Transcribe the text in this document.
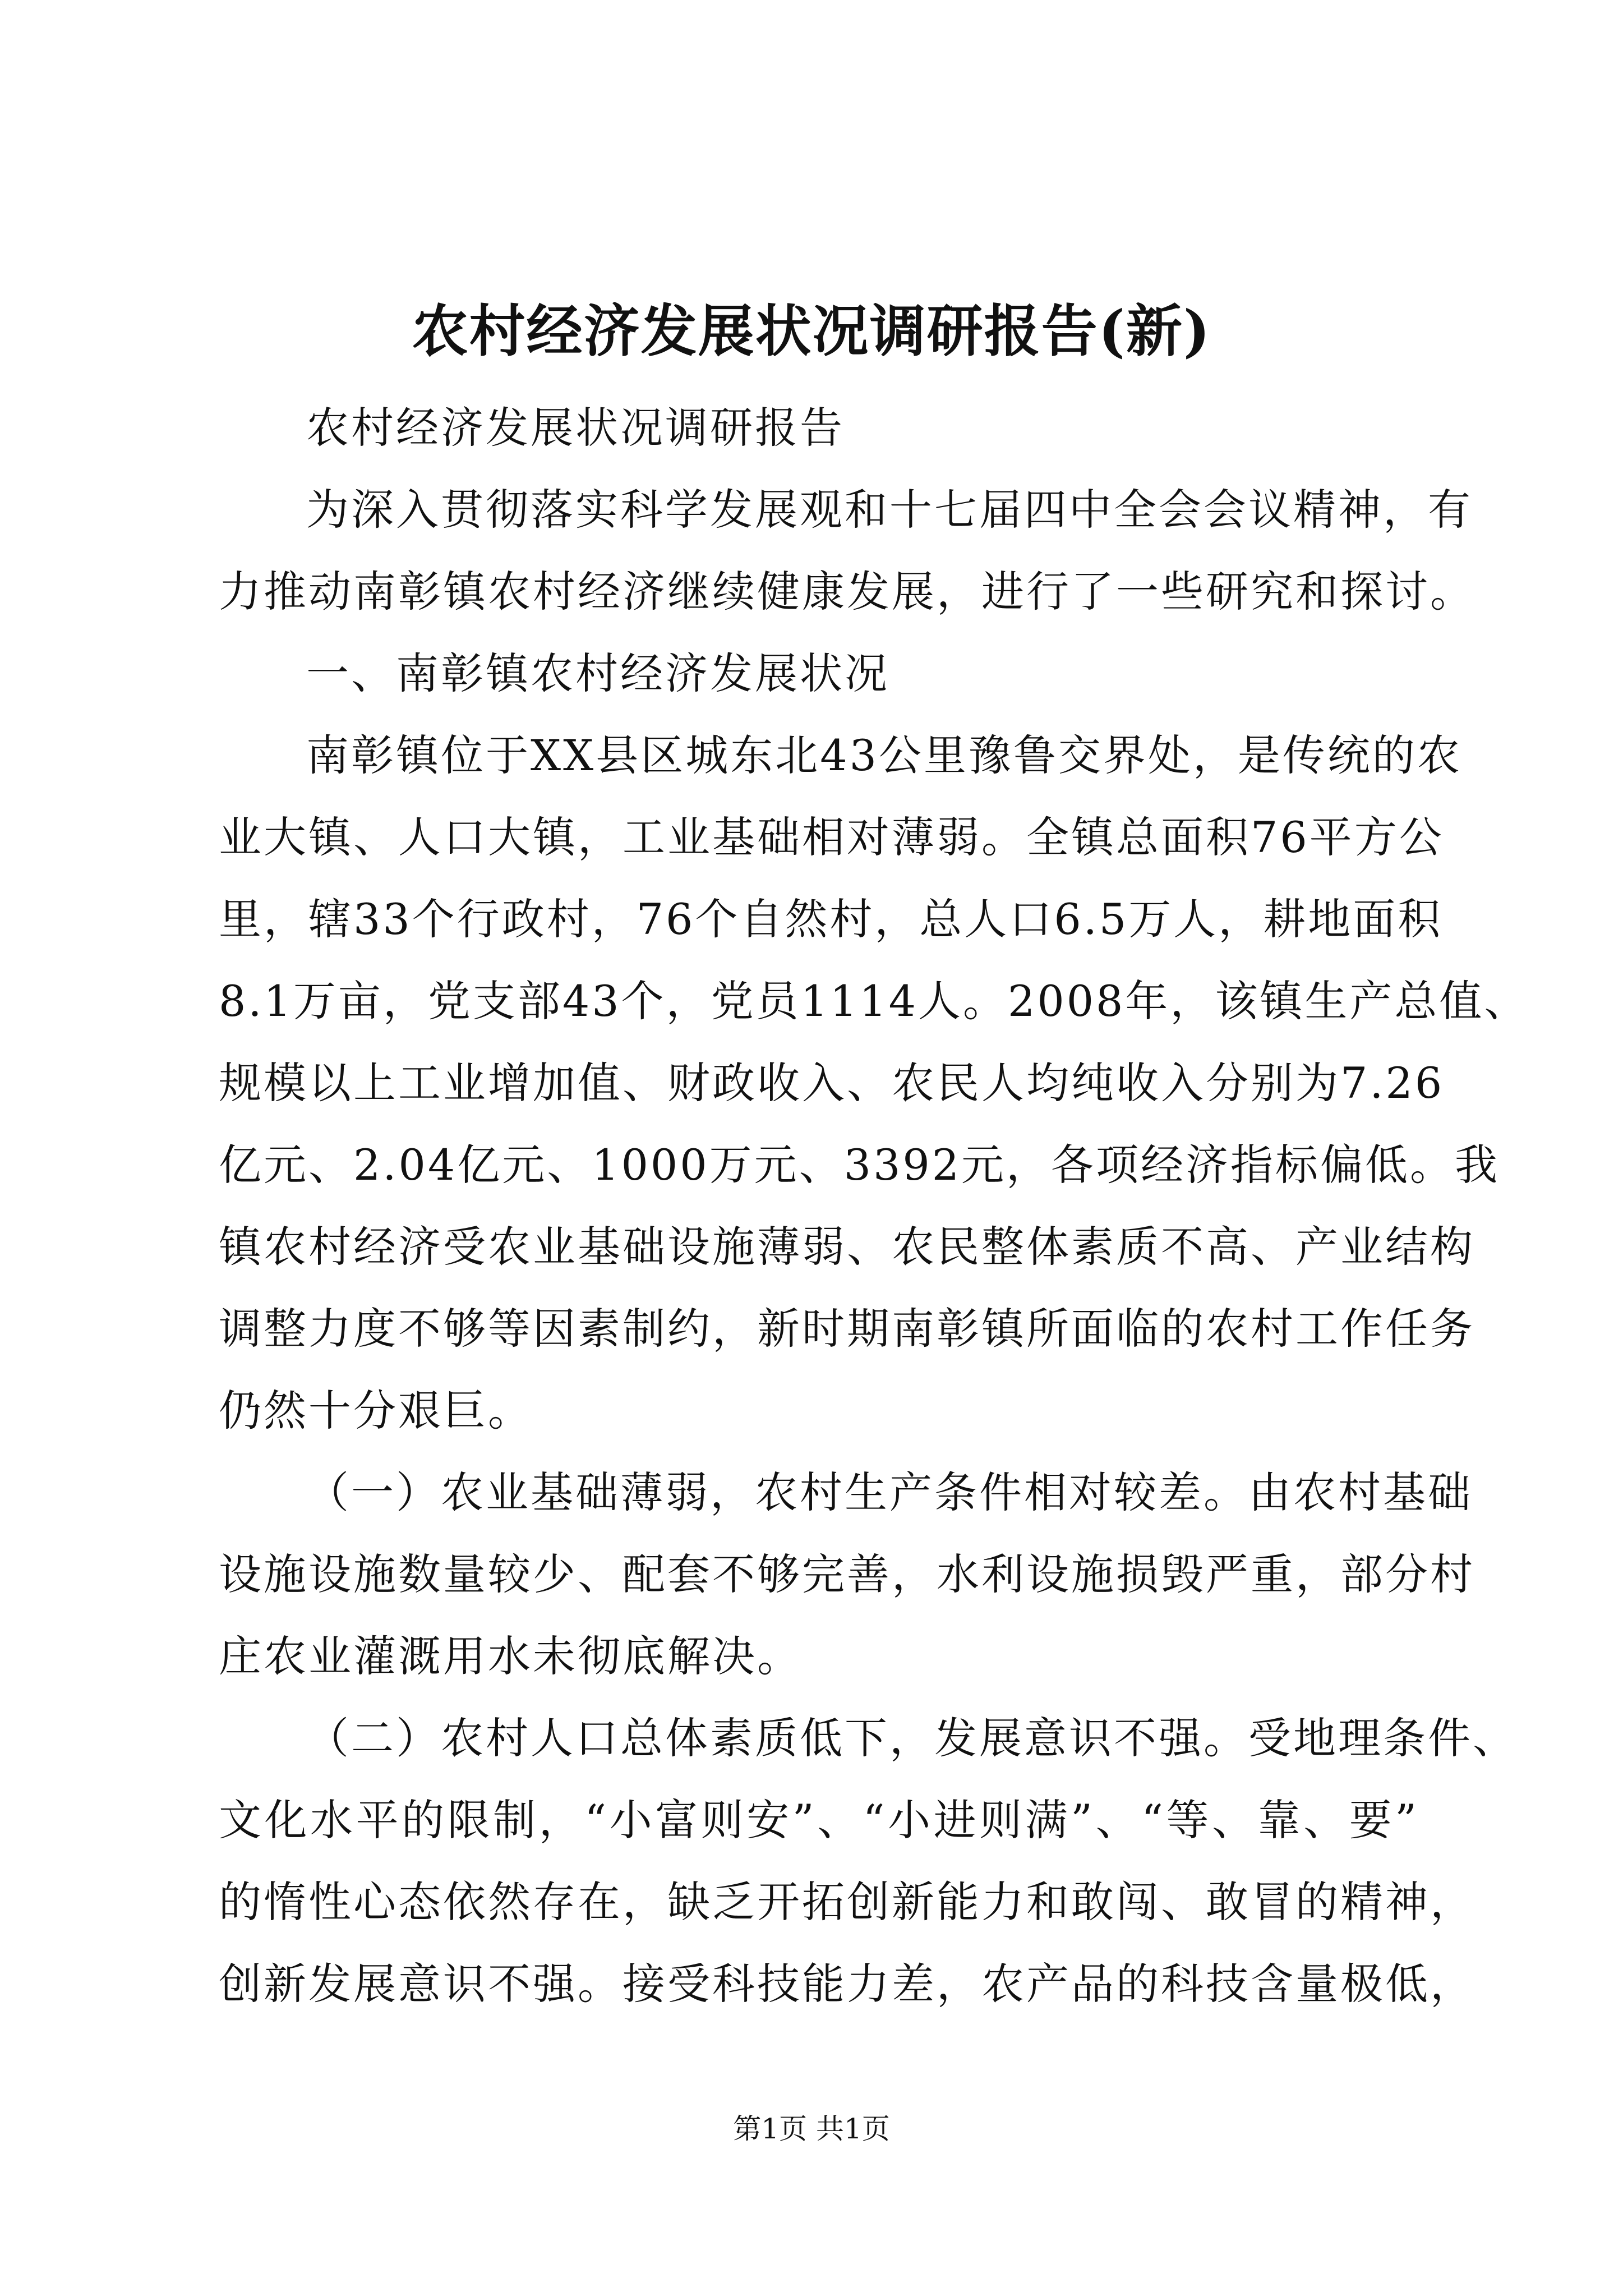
农村经济发展状况调研报告(新)
农村经济发展状况调研报告
为深入贯彻落实科学发展观和十七届四中全会会议精神，有
力推动南彰镇农村经济继续健康发展，进行了一些研究和探讨。
一、南彰镇农村经济发展状况
南彰镇位于XX县区城东北43公里豫鲁交界处，是传统的农
业大镇、人口大镇，工业基础相对薄弱。全镇总面积76平方公
里，辖33个行政村，76个自然村，总人口6.5万人，耕地面积
8.1万亩，党支部43个，党员1114人。2008年，该镇生产总值、
规模以上工业增加值、财政收入、农民人均纯收入分别为7.26
亿元、2.04亿元、1000万元、3392元，各项经济指标偏低。我
镇农村经济受农业基础设施薄弱、农民整体素质不高、产业结构
调整力度不够等因素制约，新时期南彰镇所面临的农村工作任务
仍然十分艰巨。
（一）农业基础薄弱，农村生产条件相对较差。由农村基础
设施设施数量较少、配套不够完善，水利设施损毁严重，部分村
庄农业灌溉用水未彻底解决。
（二）农村人口总体素质低下，发展意识不强。受地理条件、
文化水平的限制，“小富则安”、“小进则满”、“等、靠、要”
的惰性心态依然存在，缺乏开拓创新能力和敢闯、敢冒的精神，
创新发展意识不强。接受科技能力差，农产品的科技含量极低，
第1页 共1页
